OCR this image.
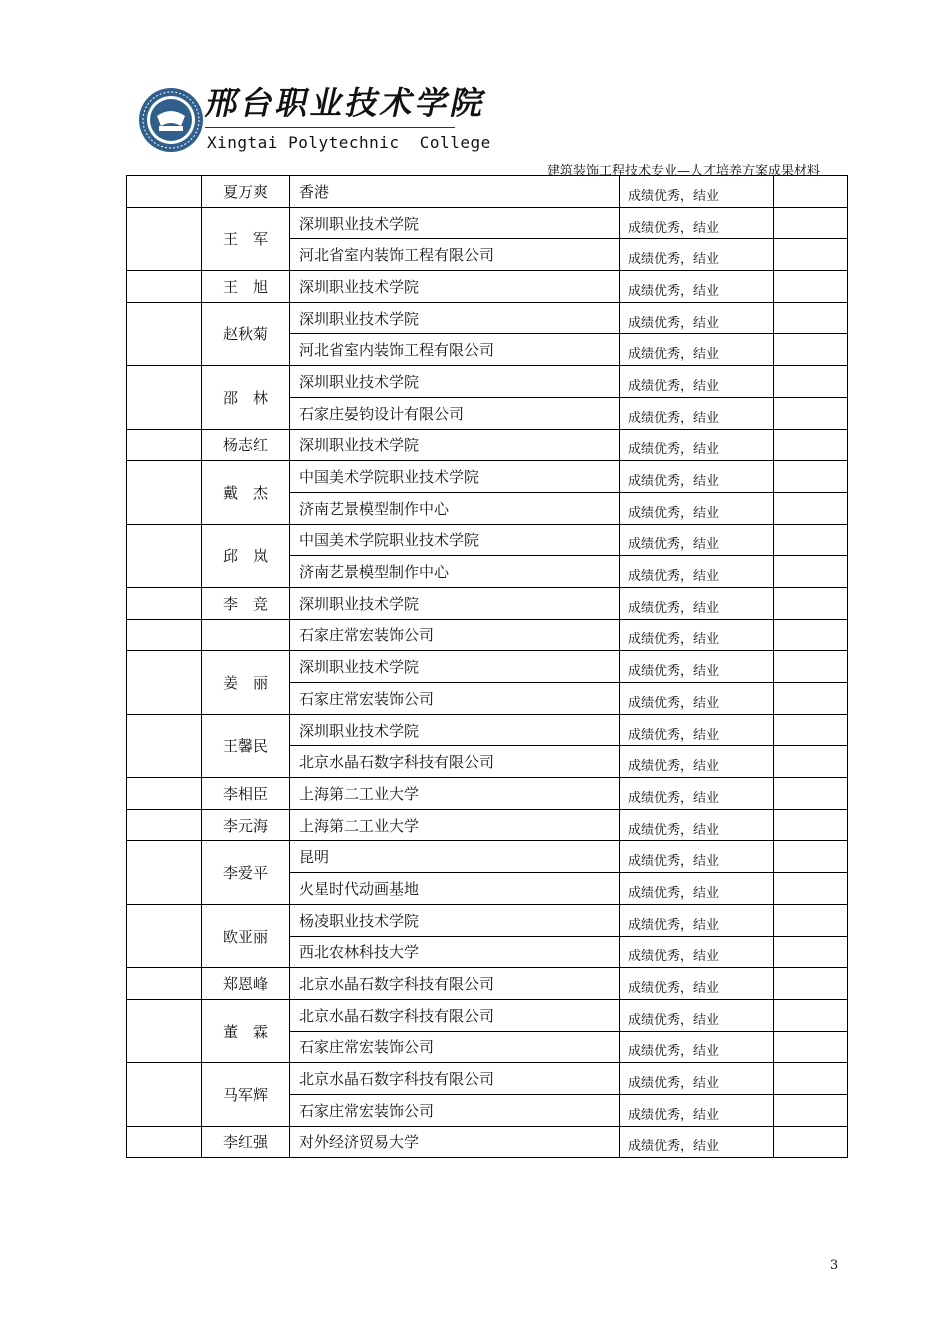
邢台职业技术学院
Xingtai Polytechnic  College
建筑装饰工程技术专业—人才培养方案成果材料
	夏万爽	香港	成绩优秀，结业	
	王　军	深圳职业技术学院	成绩优秀，结业	
		河北省室内装饰工程有限公司	成绩优秀，结业	
	王　旭	深圳职业技术学院	成绩优秀，结业	
	赵秋菊	深圳职业技术学院	成绩优秀，结业	
		河北省室内装饰工程有限公司	成绩优秀，结业	
	邵　林	深圳职业技术学院	成绩优秀，结业	
		石家庄晏钧设计有限公司	成绩优秀，结业	
	杨志红	深圳职业技术学院	成绩优秀，结业	
	戴　杰	中国美术学院职业技术学院	成绩优秀，结业	
		济南艺景模型制作中心	成绩优秀，结业	
	邱　岚	中国美术学院职业技术学院	成绩优秀，结业	
		济南艺景模型制作中心	成绩优秀，结业	
	李　竞	深圳职业技术学院	成绩优秀，结业	
		石家庄常宏装饰公司	成绩优秀，结业	
	姜　丽	深圳职业技术学院	成绩优秀，结业	
		石家庄常宏装饰公司	成绩优秀，结业	
	王馨民	深圳职业技术学院	成绩优秀，结业	
		北京水晶石数字科技有限公司	成绩优秀，结业	
	李相臣	上海第二工业大学	成绩优秀，结业	
	李元海	上海第二工业大学	成绩优秀，结业	
	李爱平	昆明	成绩优秀，结业	
		火星时代动画基地	成绩优秀，结业	
	欧亚丽	杨凌职业技术学院	成绩优秀，结业	
		西北农林科技大学	成绩优秀，结业	
	郑恩峰	北京水晶石数字科技有限公司	成绩优秀，结业	
	董　霖	北京水晶石数字科技有限公司	成绩优秀，结业	
		石家庄常宏装饰公司	成绩优秀，结业	
	马军辉	北京水晶石数字科技有限公司	成绩优秀，结业	
		石家庄常宏装饰公司	成绩优秀，结业	
	李红强	对外经济贸易大学	成绩优秀，结业	
3
